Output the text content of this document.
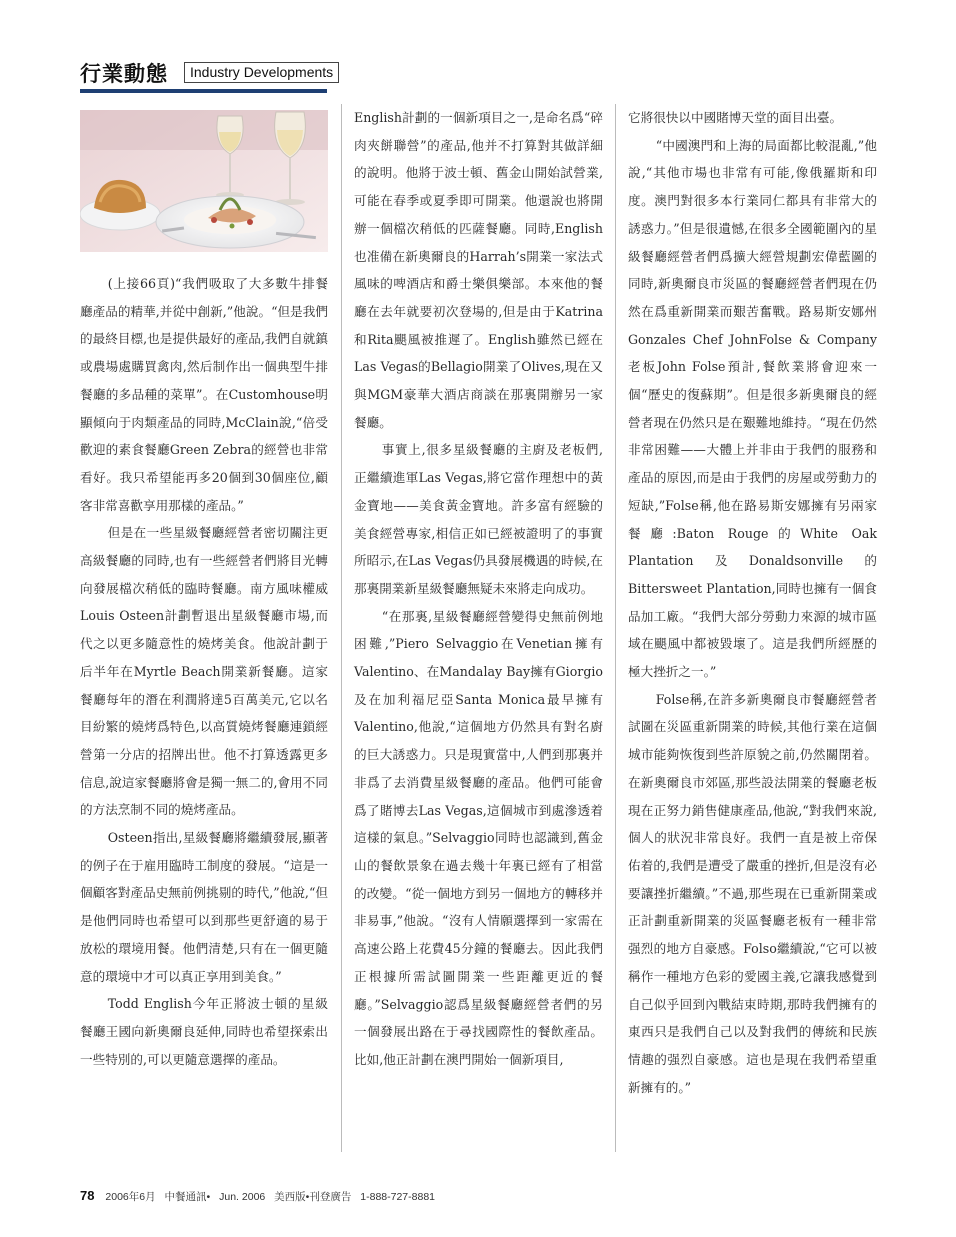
行業動態	Industry Developments

(上接66頁)“我們吸取了大多數牛排餐廳產品的精華,并從中創新,”他說。“但是我們的最終目標,也是提供最好的產品,我們自就鎮或農場處購買禽肉,然后制作出一個典型牛排餐廳的多品種的菜單”。在Customhouse明顯傾向于肉類產品的同時,McClain說,“倍受歡迎的素食餐廳Green Zebra的經營也非常看好。我只希望能再多20個到30個座位,顧客非常喜歡享用那樣的產品。”

但是在一些星級餐廳經營者密切關注更高級餐廳的同時,也有一些經營者們將目光轉向發展檔次稍低的臨時餐廳。南方風味權威Louis Osteen計劃暫退出星級餐廳市場,而代之以更多隨意性的燒烤美食。他說計劃于后半年在Myrtle Beach開業新餐廳。這家餐廳每年的潛在利潤將達5百萬美元,它以名目紛繁的燒烤爲特色,以高質燒烤餐廳連鎖經營第一分店的招牌出世。他不打算透露更多信息,說這家餐廳將會是獨一無二的,會用不同的方法烹制不同的燒烤產品。

Osteen指出,星級餐廳將繼續發展,顯著的例子在于雇用臨時工制度的發展。“這是一個顧客對產品史無前例挑剔的時代,”他說,“但是他們同時也希望可以到那些更舒適的易于放松的環境用餐。他們清楚,只有在一個更隨意的環境中才可以真正享用到美食。”

Todd English今年正將波士頓的星級餐廳王國向新奧爾良延伸,同時也希望探索出一些特別的,可以更隨意選擇的產品。

English計劃的一個新項目之一,是命名爲“碎肉夾餅聯營”的產品,他并不打算對其做詳細的說明。他將于波士頓、舊金山開始試營業,可能在春季或夏季即可開業。他還說也將開辦一個檔次稍低的匹薩餐廳。同時,English也准備在新奧爾良的Harrah’s開業一家法式風味的啤酒店和爵士樂俱樂部。本來他的餐廳在去年就要初次登場的,但是由于Katrina和Rita颶風被推遲了。English雖然已經在Las Vegas的Bellagio開業了Olives,現在又與MGM豪華大酒店商談在那裏開辦另一家餐廳。

事實上,很多星級餐廳的主廚及老板們,正繼續進軍Las Vegas,將它當作理想中的黃金寶地——美食黃金寶地。許多富有經驗的美食經營專家,相信正如已經被證明了的事實所昭示,在Las Vegas仍具發展機遇的時候,在那裏開業新星級餐廳無疑未來將走向成功。

“在那裏,星級餐廳經營變得史無前例地困難,”Piero Selvaggio在Venetian擁有Valentino、在Mandalay Bay擁有Giorgio及在加利福尼亞Santa Monica最早擁有Valentino,他說,“這個地方仍然具有對名廚的巨大誘惑力。只是現實當中,人們到那裏并非爲了去消費星級餐廳的產品。他們可能會爲了賭博去Las Vegas,這個城市到處滲透着這樣的氣息。”Selvaggio同時也認識到,舊金山的餐飲景象在過去幾十年裏已經有了相當的改變。“從一個地方到另一個地方的轉移并非易事,”他說。“沒有人情願選擇到一家需在高速公路上花費45分鐘的餐廳去。因此我們正根據所需試圖開業一些距離更近的餐廳。”Selvaggio認爲星級餐廳經營者們的另一個發展出路在于尋找國際性的餐飲產品。比如,他正計劃在澳門開始一個新項目,

它將很快以中國賭博天堂的面目出臺。

“中國澳門和上海的局面都比較混亂,”他說,“其他市場也非常有可能,像俄羅斯和印度。澳門對很多本行業同仁都具有非常大的誘惑力。”但是很遺憾,在很多全國範圍內的星級餐廳經營者們爲擴大經營規劃宏偉藍圖的同時,新奧爾良市災區的餐廳經營者們現在仍然在爲重新開業而艱苦奮戰。路易斯安娜州Gonzales Chef JohnFolse & Company老板John Folse預計,餐飲業將會迎來一個“歷史的復蘇期”。但是很多新奧爾良的經營者現在仍然只是在艱難地維持。“現在仍然非常困難——大體上并非由于我們的服務和產品的原因,而是由于我們的房屋或勞動力的短缺,”Folse稱,他在路易斯安娜擁有另兩家餐廳:Baton Rouge的White Oak Plantation及Donaldsonville的Bittersweet Plantation,同時也擁有一個食品加工廠。“我們大部分勞動力來源的城市區域在颶風中都被毀壞了。這是我們所經歷的極大挫折之一。”

Folse稱,在許多新奧爾良市餐廳經營者試圖在災區重新開業的時候,其他行業在這個城市能夠恢復到些許原貌之前,仍然關閉着。在新奧爾良市郊區,那些設法開業的餐廳老板現在正努力銷售健康產品,他說,“對我們來說,個人的狀況非常良好。我們一直是被上帝保佑着的,我們是遭受了嚴重的挫折,但是沒有必要讓挫折繼續。”不過,那些現在已重新開業或正計劃重新開業的災區餐廳老板有一種非常强烈的地方自豪感。Folso繼續說,“它可以被稱作一種地方色彩的愛國主義,它讓我感覺到自己似乎回到內戰結束時期,那時我們擁有的東西只是我們自己以及對我們的傳統和民族情趣的强烈自豪感。這也是現在我們希望重新擁有的。”

78 2006年6月 中餐通訊• Jun. 2006 美西版•刊登廣告 1-888-727-8881
